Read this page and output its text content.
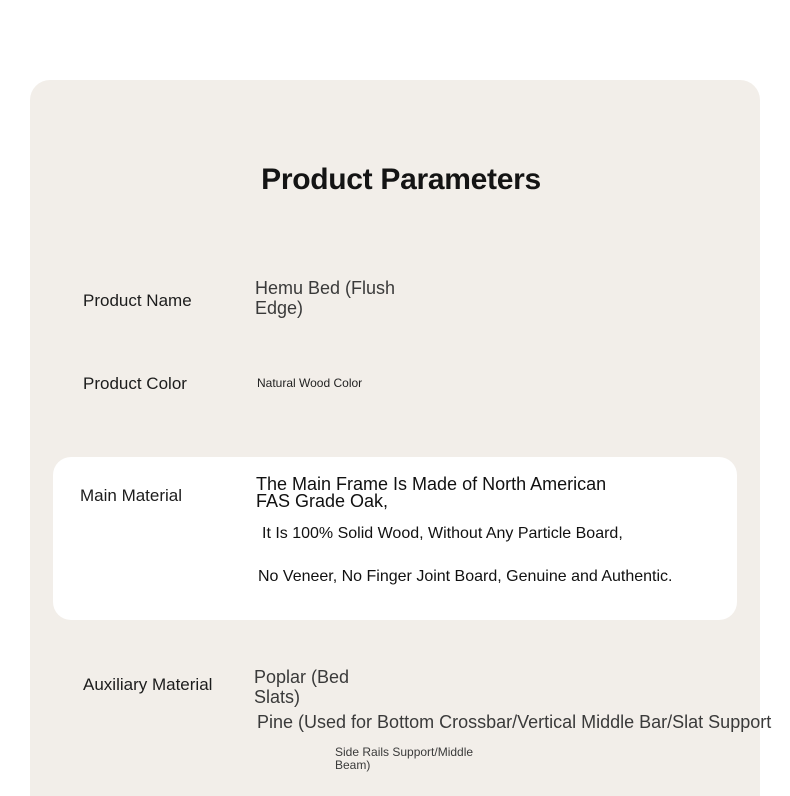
Product Parameters
Product Name
Hemu Bed (Flush Edge)
Product Color	Natural Wood Color
Main Material
The Main Frame Is Made of North American FAS Grade Oak,
It Is 100% Solid Wood, Without Any Particle Board,
No Veneer, No Finger Joint Board, Genuine and Authentic.
Auxiliary Material Poplar (Bed Slats)
Pine (Used for Bottom Crossbar/Vertical Middle Bar/Slat Support
Side Rails Support/Middle Beam)
